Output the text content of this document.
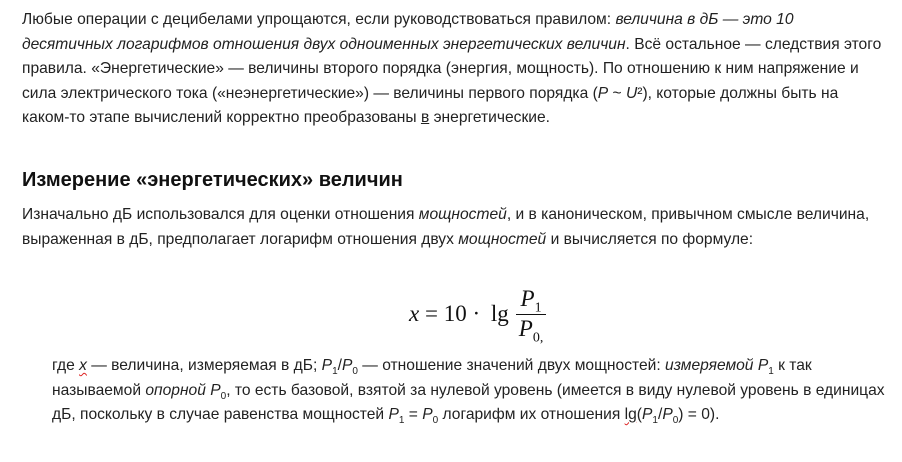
Любые операции с децибелами упрощаются, если руководствоваться правилом: величина в дБ — это 10 десятичных логарифмов отношения двух одноименных энергетических величин. Всё остальное — следствия этого правила. «Энергетические» — величины второго порядка (энергия, мощность). По отношению к ним напряжение и сила электрического тока («неэнергетические») — величины первого порядка (P ~ U²), которые должны быть на каком-то этапе вычислений корректно преобразованы в энергетические.

Измерение «энергетических» величин

Изначально дБ использовался для оценки отношения мощностей, и в каноническом, привычном смысле величина, выраженная в дБ, предполагает логарифм отношения двух мощностей и вычисляется по формуле:

$x = 10 \cdot \lg \frac{P_1}{P_{0,}}$

где x — величина, измеряемая в дБ; $P_1/P_0$ — отношение значений двух мощностей: измеряемой $P_1$ к так называемой опорной $P_0$, то есть базовой, взятой за нулевой уровень (имеется в виду нулевой уровень в единицах дБ, поскольку в случае равенства мощностей $P_1 = P_0$ логарифм их отношения $\lg(P_1/P_0) = 0$).
